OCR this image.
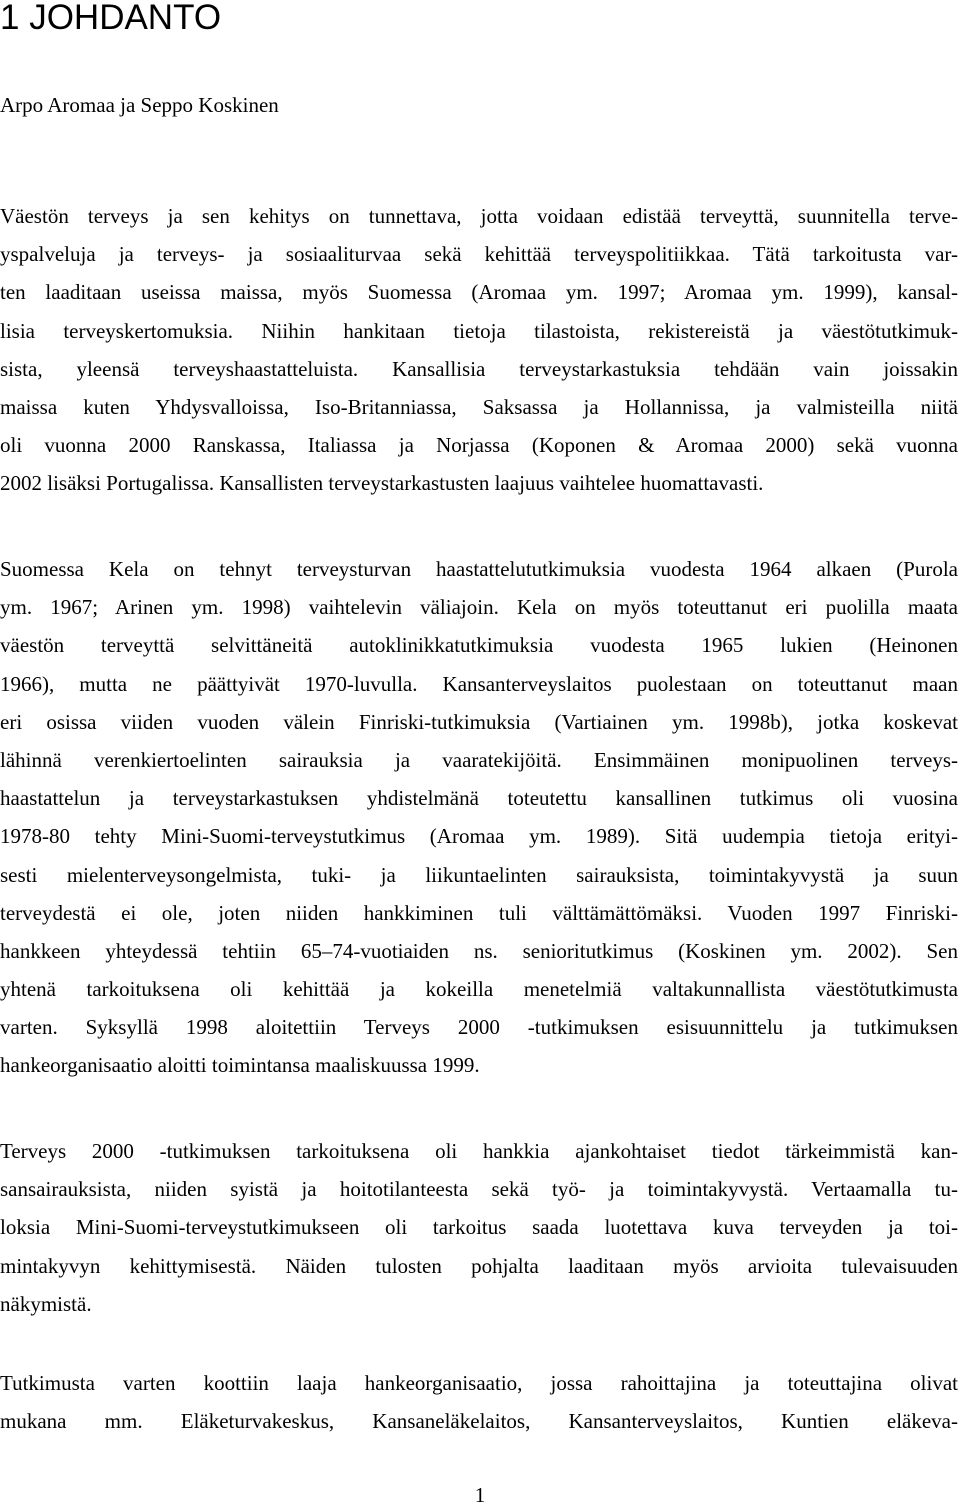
1 JOHDANTO

Arpo Aromaa ja Seppo Koskinen

Väestön terveys ja sen kehitys on tunnettava, jotta voidaan edistää terveyttä, suunnitella terve-
yspalveluja ja terveys- ja sosiaaliturvaa sekä kehittää terveyspolitiikkaa. Tätä tarkoitusta var-
ten laaditaan useissa maissa, myös Suomessa (Aromaa ym. 1997; Aromaa ym. 1999), kansal-
lisia terveyskertomuksia. Niihin hankitaan tietoja tilastoista, rekistereistä ja väestötutkimuk-
sista, yleensä terveyshaastatteluista. Kansallisia terveystarkastuksia tehdään vain joissakin
maissa kuten Yhdysvalloissa, Iso-Britanniassa, Saksassa ja Hollannissa, ja valmisteilla niitä
oli vuonna 2000 Ranskassa, Italiassa ja Norjassa (Koponen & Aromaa 2000) sekä vuonna
2002 lisäksi Portugalissa. Kansallisten terveystarkastusten laajuus vaihtelee huomattavasti.
Suomessa Kela on tehnyt terveysturvan haastattelututkimuksia vuodesta 1964 alkaen (Purola
ym. 1967; Arinen ym. 1998) vaihtelevin väliajoin. Kela on myös toteuttanut eri puolilla maata
väestön terveyttä selvittäneitä autoklinikkatutkimuksia vuodesta 1965 lukien (Heinonen
1966), mutta ne päättyivät 1970-luvulla. Kansanterveyslaitos puolestaan on toteuttanut maan
eri osissa viiden vuoden välein Finriski-tutkimuksia (Vartiainen ym. 1998b), jotka koskevat
lähinnä verenkiertoelinten sairauksia ja vaaratekijöitä. Ensimmäinen monipuolinen terveys-
haastattelun ja terveystarkastuksen yhdistelmänä toteutettu kansallinen tutkimus oli vuosina
1978-80 tehty Mini-Suomi-terveystutkimus (Aromaa ym. 1989). Sitä uudempia tietoja erityi-
sesti mielenterveysongelmista, tuki- ja liikuntaelinten sairauksista, toimintakyvystä ja suun
terveydestä ei ole, joten niiden hankkiminen tuli välttämättömäksi. Vuoden 1997 Finriski-
hankkeen yhteydessä tehtiin 65–74-vuotiaiden ns. senioritutkimus (Koskinen ym. 2002). Sen
yhtenä tarkoituksena oli kehittää ja kokeilla menetelmiä valtakunnallista väestötutkimusta
varten. Syksyllä 1998 aloitettiin Terveys 2000 -tutkimuksen esisuunnittelu ja tutkimuksen
hankeorganisaatio aloitti toimintansa maaliskuussa 1999.
Terveys 2000 -tutkimuksen tarkoituksena oli hankkia ajankohtaiset tiedot tärkeimmistä kan-
sansairauksista, niiden syistä ja hoitotilanteesta sekä työ- ja toimintakyvystä. Vertaamalla tu-
loksia Mini-Suomi-terveystutkimukseen oli tarkoitus saada luotettava kuva terveyden ja toi-
mintakyvyn kehittymisestä. Näiden tulosten pohjalta laaditaan myös arvioita tulevaisuuden
näkymistä.
Tutkimusta varten koottiin laaja hankeorganisaatio, jossa rahoittajina ja toteuttajina olivat
mukana mm. Eläketurvakeskus, Kansaneläkelaitos, Kansanterveyslaitos, Kuntien eläkeva-
1
